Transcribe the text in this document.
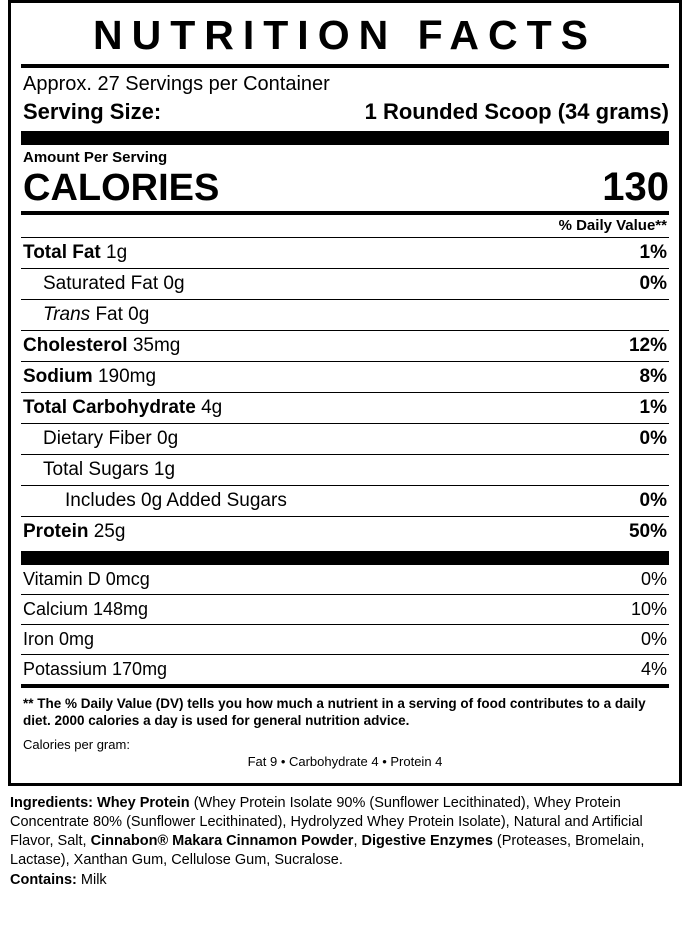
NUTRITION FACTS
Approx. 27 Servings per Container
Serving Size:	1 Rounded Scoop (34 grams)
Amount Per Serving
CALORIES	130
% Daily Value**
Total Fat 1g	1%
Saturated Fat 0g	0%
Trans Fat 0g
Cholesterol 35mg	12%
Sodium 190mg	8%
Total Carbohydrate 4g	1%
Dietary Fiber 0g	0%
Total Sugars 1g
Includes 0g Added Sugars	0%
Protein 25g	50%
Vitamin D 0mcg	0%
Calcium 148mg	10%
Iron 0mg	0%
Potassium 170mg	4%
** The % Daily Value (DV) tells you how much a nutrient in a serving of food contributes to a daily diet. 2000 calories a day is used for general nutrition advice.
Calories per gram:
Fat 9 • Carbohydrate 4 • Protein 4
Ingredients: Whey Protein (Whey Protein Isolate 90% (Sunflower Lecithinated), Whey Protein Concentrate 80% (Sunflower Lecithinated), Hydrolyzed Whey Protein Isolate), Natural and Artificial Flavor, Salt, Cinnabon® Makara Cinnamon Powder, Digestive Enzymes (Proteases, Bromelain, Lactase), Xanthan Gum, Cellulose Gum, Sucralose.
Contains: Milk
